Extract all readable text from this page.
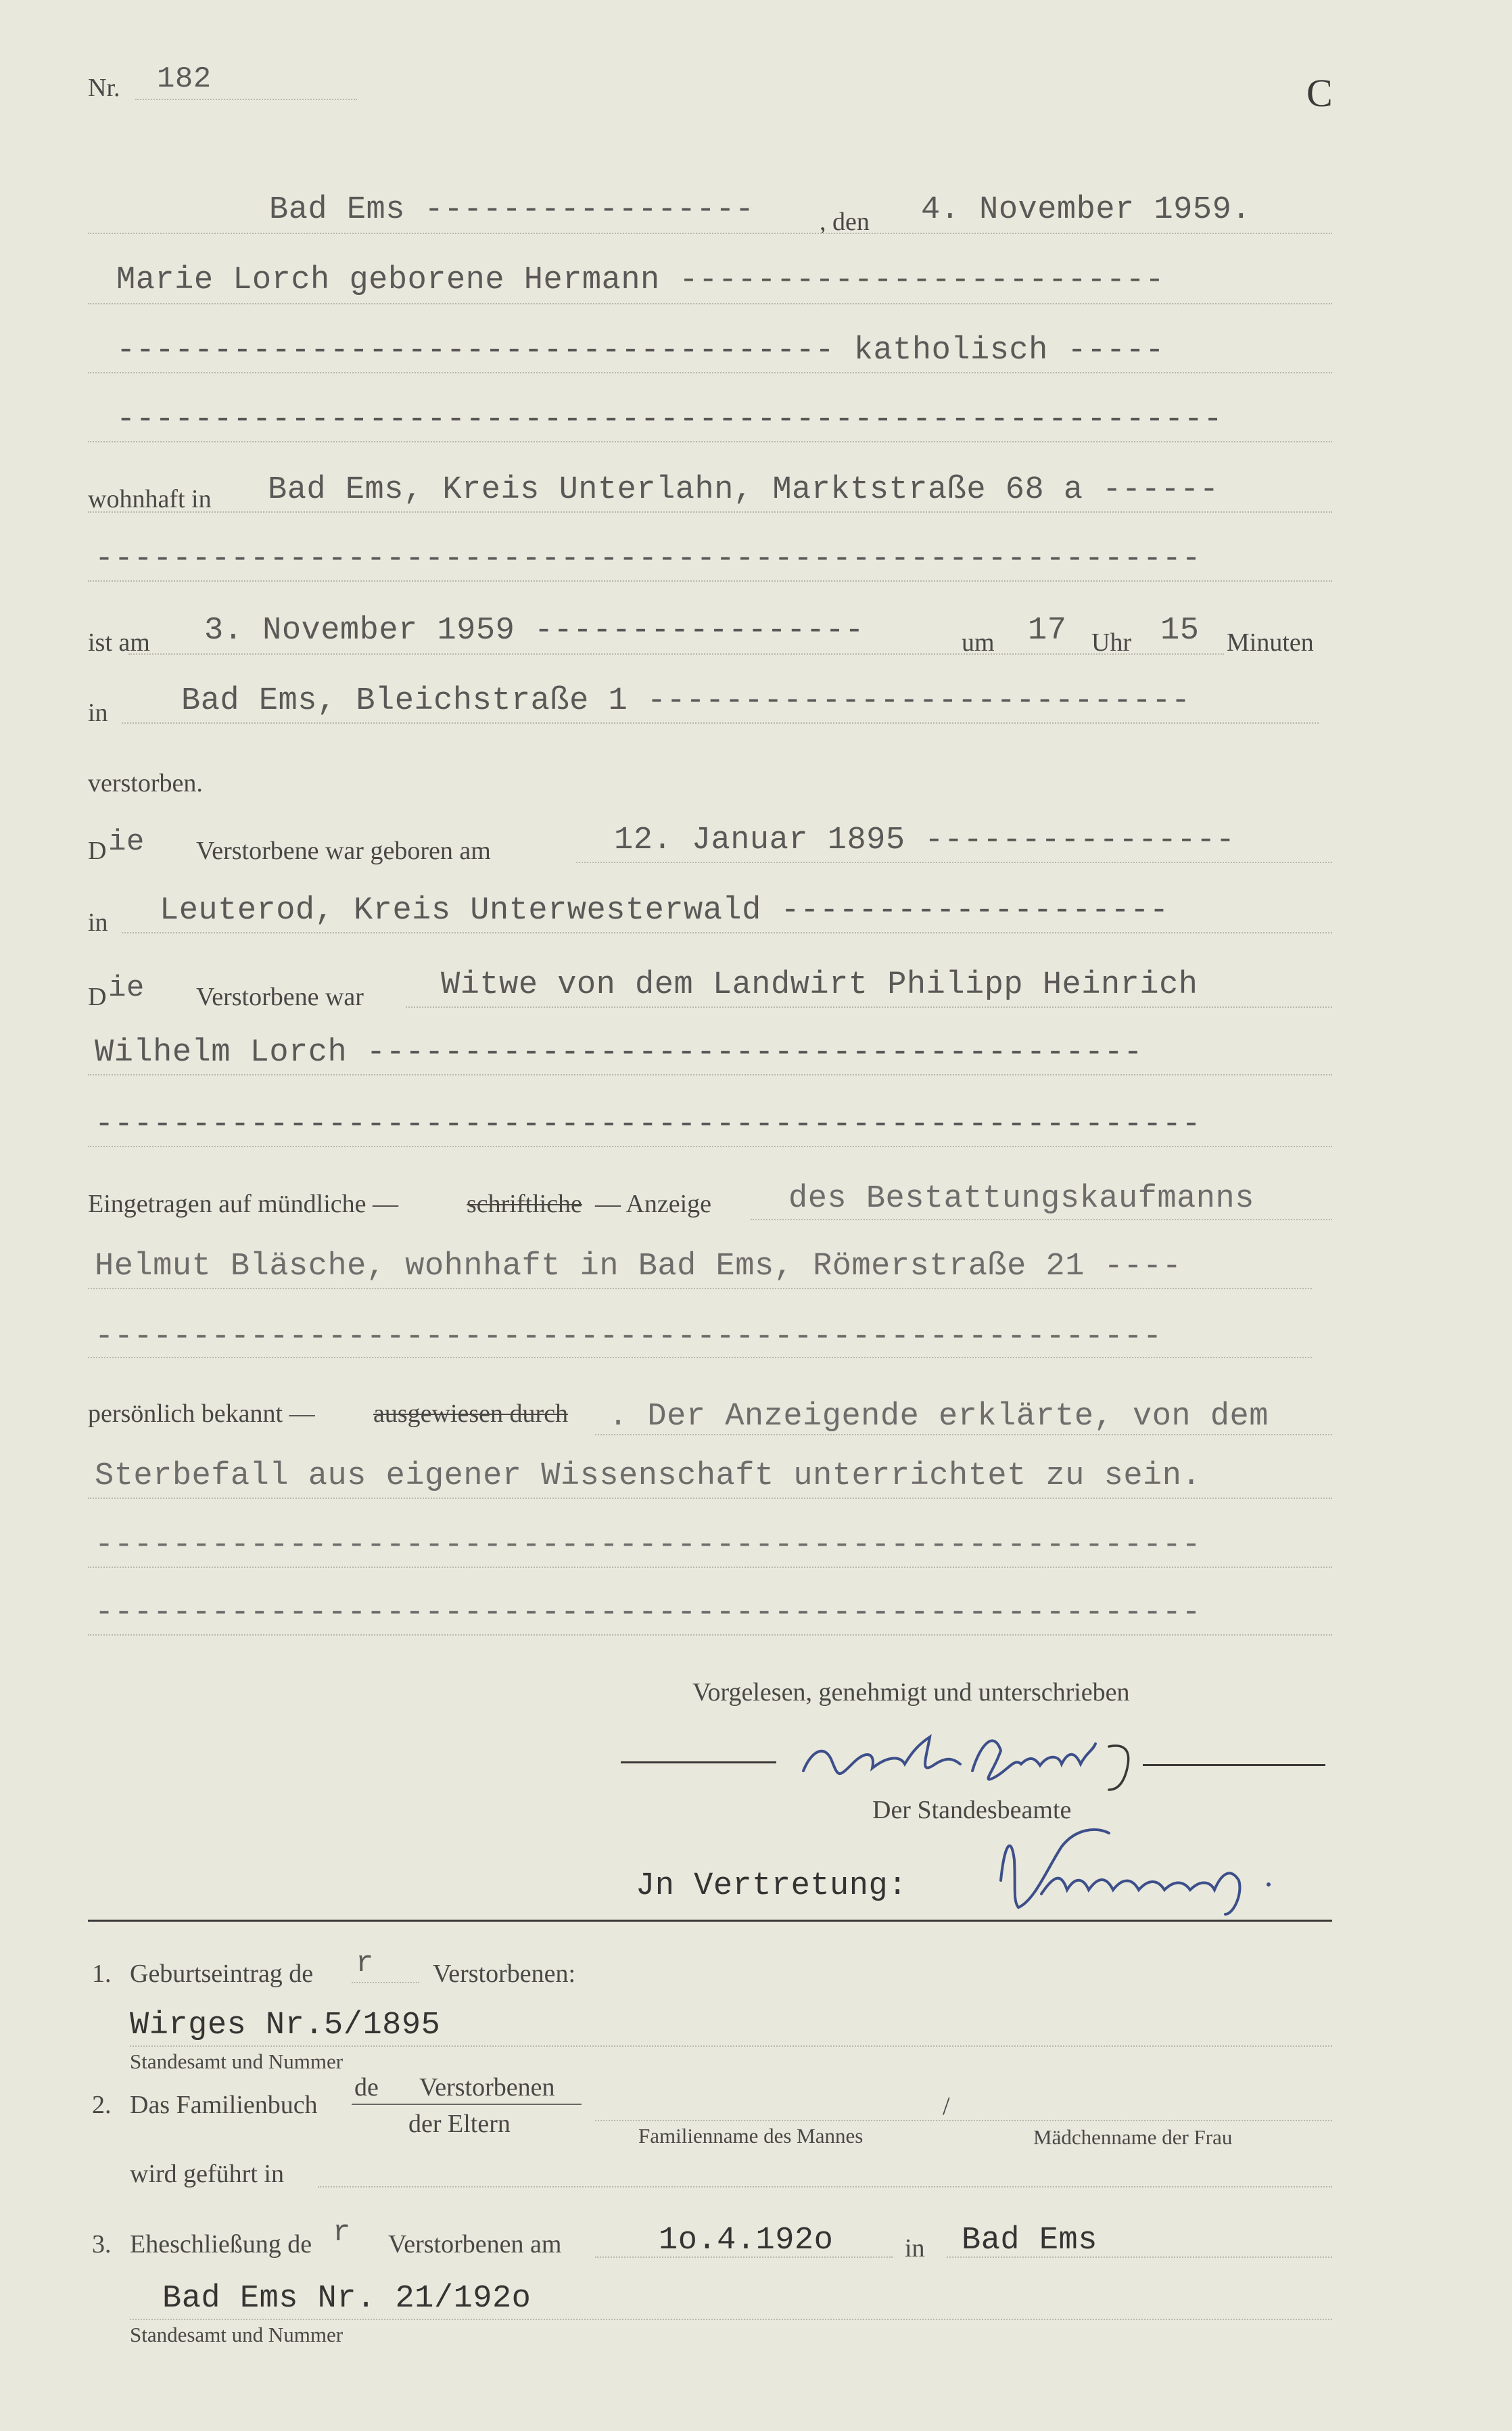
Nr. 182	C
Bad Ems -----------------	, den 4. November 1959.
Marie Lorch geborene Hermann -------------------------
------------------------------------- katholisch -----
---------------------------------------------------------
wohnhaft in Bad Ems, Kreis Unterlahn, Marktstraße 68 a ------
---------------------------------------------------------
ist am 3. November 1959 -----------------	um 17 Uhr 15 Minuten
in Bad Ems, Bleichstraße 1 ----------------------------
verstorben.
D ie Verstorbene war geboren am	12. Januar 1895 ----------------
in Leuterod, Kreis Unterwesterwald --------------------
D ie Verstorbene war Witwe von dem Landwirt Philipp Heinrich
Wilhelm Lorch ----------------------------------------
---------------------------------------------------------
Eingetragen auf mündliche —	schriftliche — Anzeige des Bestattungskaufmanns
Helmut Bläsche, wohnhaft in Bad Ems, Römerstraße 21 ----
-------------------------------------------------------
persönlich bekannt — ausgewiesen durch . Der Anzeigende erklärte, von dem
Sterbefall aus eigener Wissenschaft unterrichtet zu sein.
---------------------------------------------------------
---------------------------------------------------------
Vorgelesen, genehmigt und unterschrieben
Der Standesbeamte
Jn Vertretung:
1. Geburtseintrag de r Verstorbenen:
Wirges Nr.5/1895
Standesamt und Nummer
2. Das Familienbuch
de Verstorbenen
der Eltern	Familienname des Mannes
/
Mädchenname der Frau
wird geführt in
3. Eheschließung de r Verstorbenen am	1o.4.192o	in Bad Ems
Bad Ems Nr. 21/192o
Standesamt und Nummer
